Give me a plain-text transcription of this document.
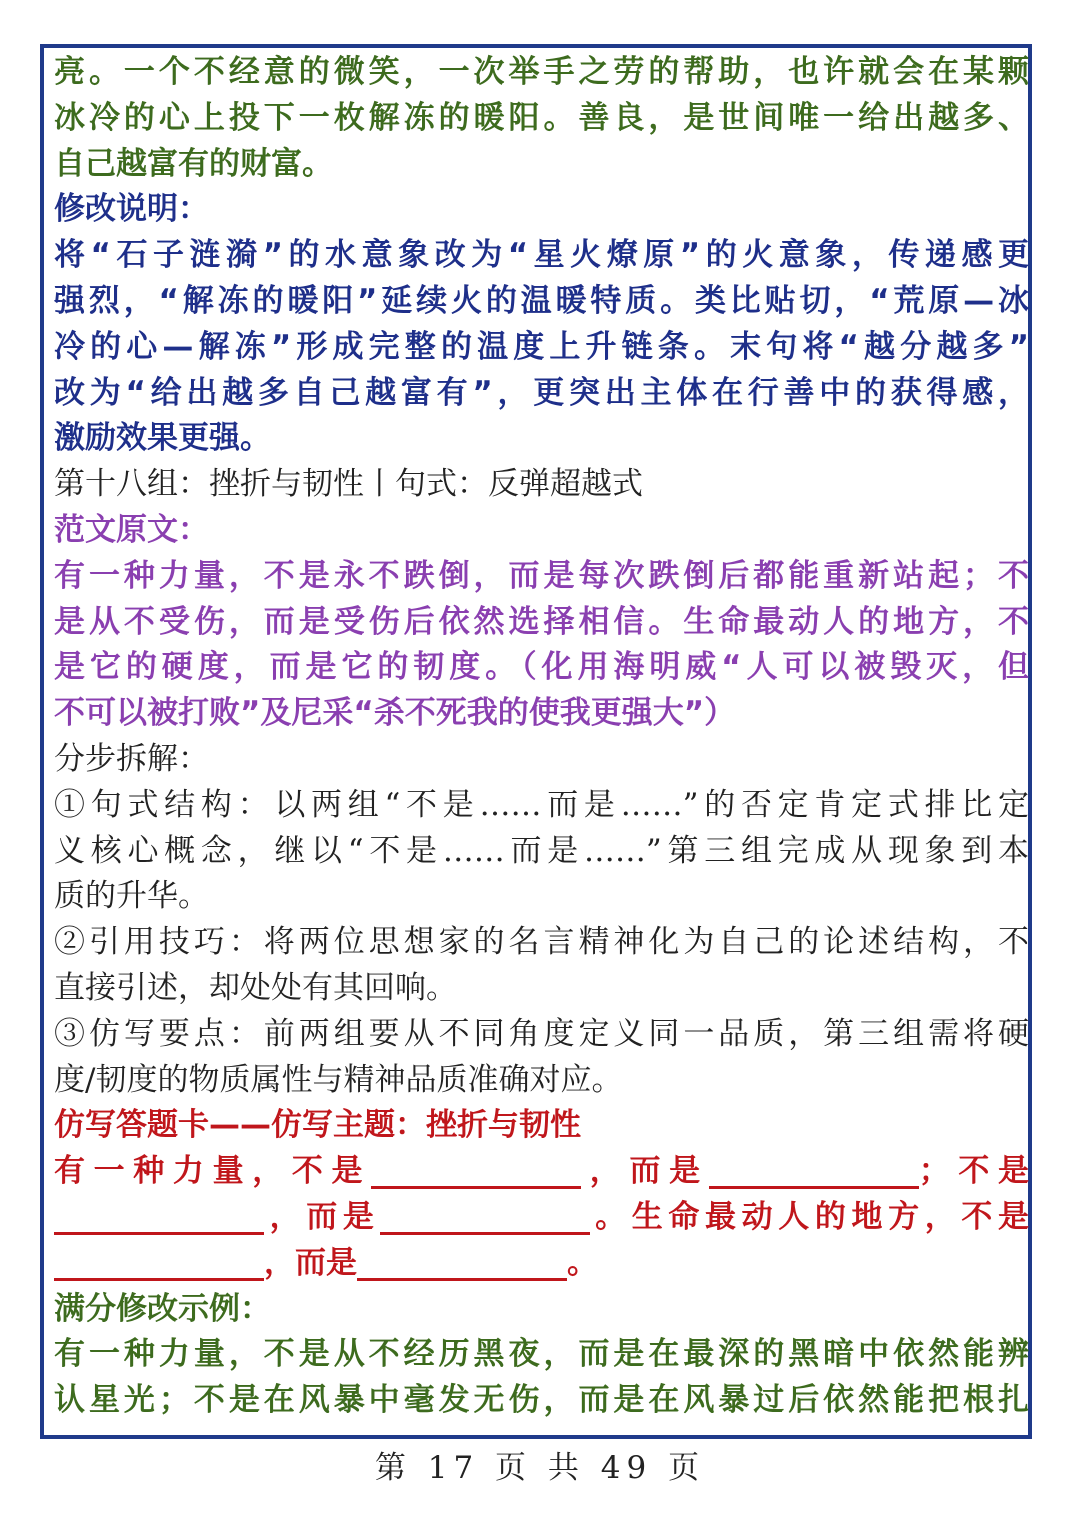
亮。一个不经意的微笑，一次举手之劳的帮助，也许就会在某颗
冰冷的心上投下一枚解冻的暖阳。善良，是世间唯一给出越多、
自己越富有的财富。
修改说明：
将“石子涟漪”的水意象改为“星火燎原”的火意象，传递感更
强烈，“解冻的暖阳”延续火的温暖特质。类比贴切，“荒原—冰
冷的心—解冻”形成完整的温度上升链条。末句将“越分越多”
改为“给出越多自己越富有”，更突出主体在行善中的获得感，
激励效果更强。
第十八组：挫折与韧性丨句式：反弹超越式
范文原文：
有一种力量，不是永不跌倒，而是每次跌倒后都能重新站起；不
是从不受伤，而是受伤后依然选择相信。生命最动人的地方，不
是它的硬度，而是它的韧度。（化用海明威“人可以被毁灭，但
不可以被打败”及尼采“杀不死我的使我更强大”）
分步拆解：
①句式结构：以两组“不是……而是……”的否定肯定式排比定
义核心概念，继以“不是……而是……”第三组完成从现象到本
质的升华。
②引用技巧：将两位思想家的名言精神化为自己的论述结构，不
直接引述，却处处有其回响。
③仿写要点：前两组要从不同角度定义同一品质，第三组需将硬
度/韧度的物质属性与精神品质准确对应。
仿写答题卡——仿写主题：挫折与韧性
有一种力量，不是	，而是	；不是
，而是	。生命最动人的地方，不是
，而是	。
满分修改示例：
有一种力量，不是从不经历黑夜，而是在最深的黑暗中依然能辨
认星光；不是在风暴中毫发无伤，而是在风暴过后依然能把根扎
第 17 页 共 49 页
